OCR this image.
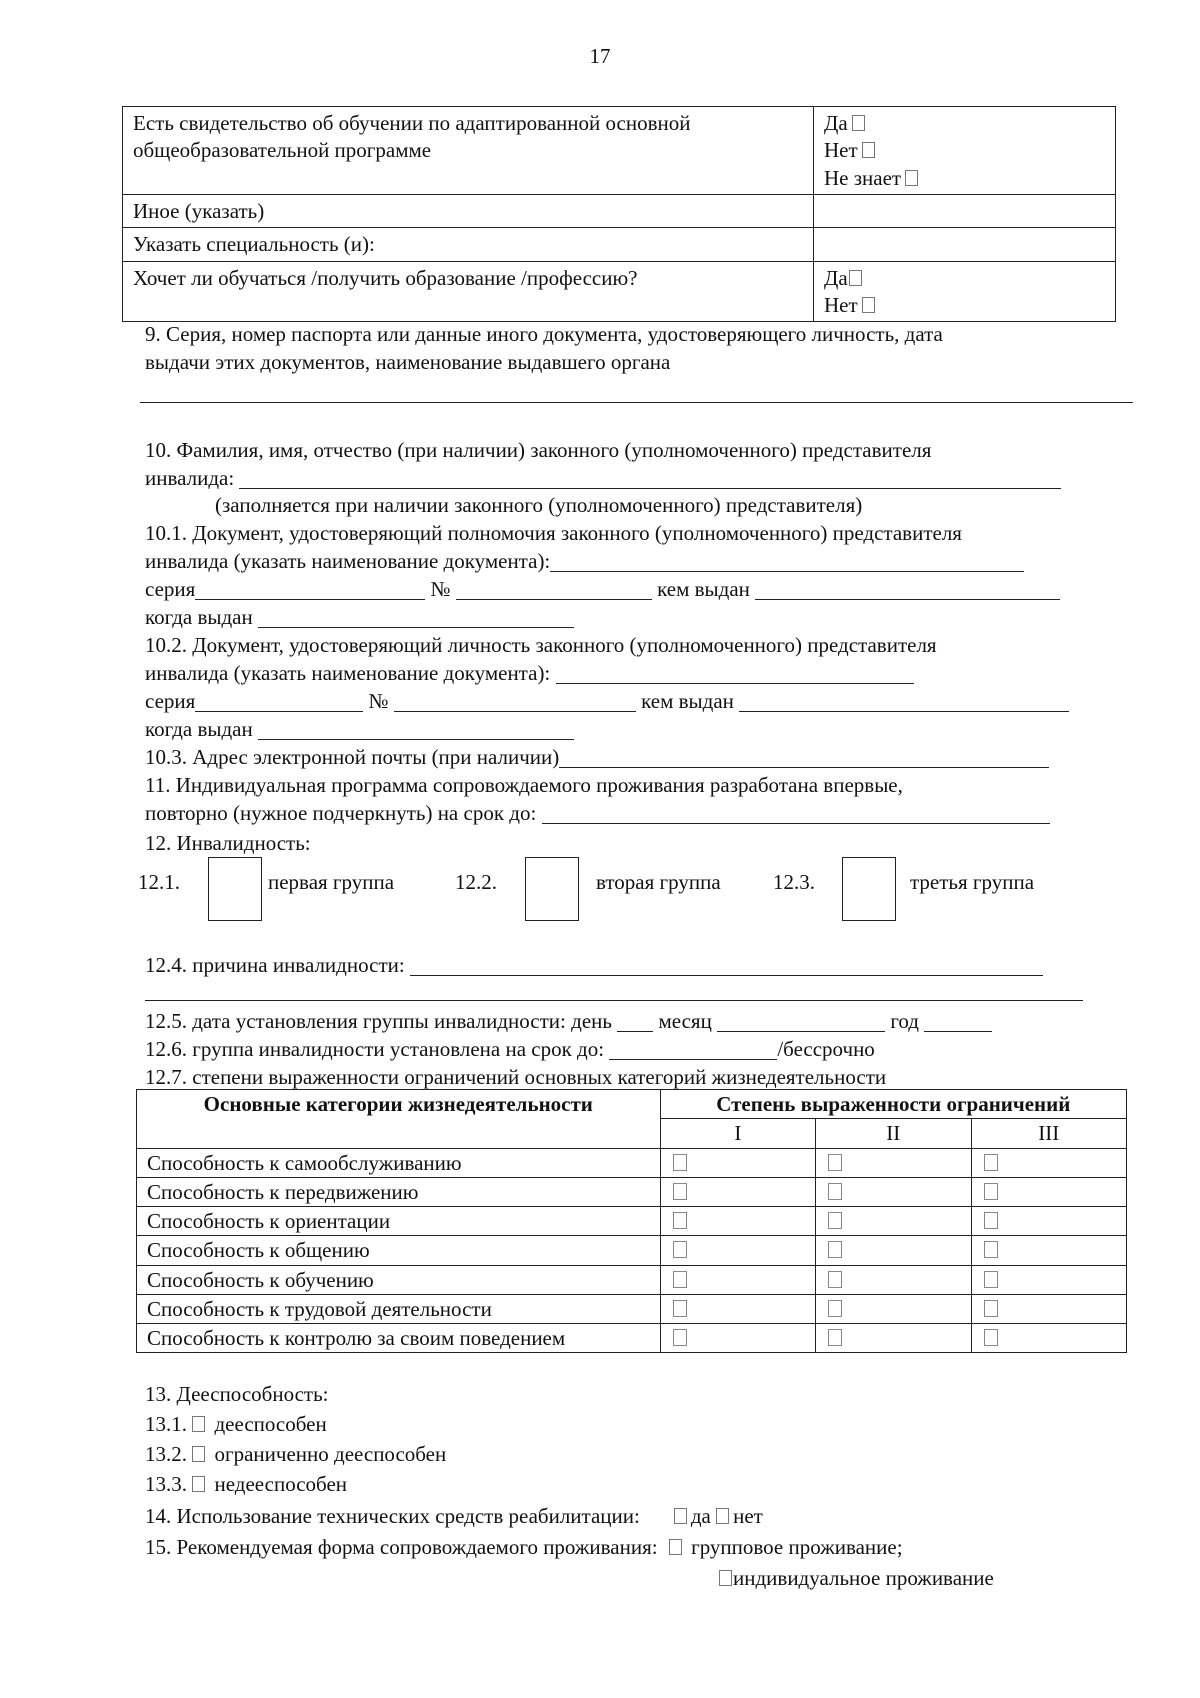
17
Есть свидетельство об обучении по адаптированной основной общеобразовательной программе	Да
Нет
Не знает

Иное (указать)	
Указать специальность (и):	
Хочет ли обучаться /получить образование /профессию?	Да
Нет
9. Серия, номер паспорта или данные иного документа, удостоверяющего личность, дата
выдачи этих документов, наименование выдавшего органа
10. Фамилия, имя, отчество (при наличии) законного (уполномоченного) представителя
инвалида:
(заполняется при наличии законного (уполномоченного) представителя)
10.1. Документ, удостоверяющий полномочия законного (уполномоченного) представителя
инвалида (указать наименование документа):
серия	№	кем выдан
когда выдан
10.2. Документ, удостоверяющий личность законного (уполномоченного) представителя
инвалида (указать наименование документа):
серия	№	кем выдан
когда выдан
10.3. Адрес электронной почты (при наличии)
11. Индивидуальная программа сопровождаемого проживания разработана впервые,
повторно (нужное подчеркнуть) на срок до:
12. Инвалидность:
12.1.	первая группа	12.2.	вторая группа 12.3.	третья группа
12.4. причина инвалидности:
12.5. дата установления группы инвалидности: день месяц	год
12.6. группа инвалидности установлена на срок до:	/бессрочно
12.7. степени выраженности ограничений основных категорий жизнедеятельности
Основные категории жизнедеятельности	Степень выраженности ограничений		
	I	II	III
Способность к самообслуживанию			
Способность к передвижению			
Способность к ориентации			
Способность к общению			
Способность к обучению			
Способность к трудовой деятельности			
Способность к контролю за своим поведением			
13. Дееспособность:
13.1. дееспособен
13.2. ограниченно дееспособен
13.3. недееспособен
14. Использование технических средств реабилитации: да нет
15. Рекомендуемая форма сопровождаемого проживания: групповое проживание;
индивидуальное проживание
